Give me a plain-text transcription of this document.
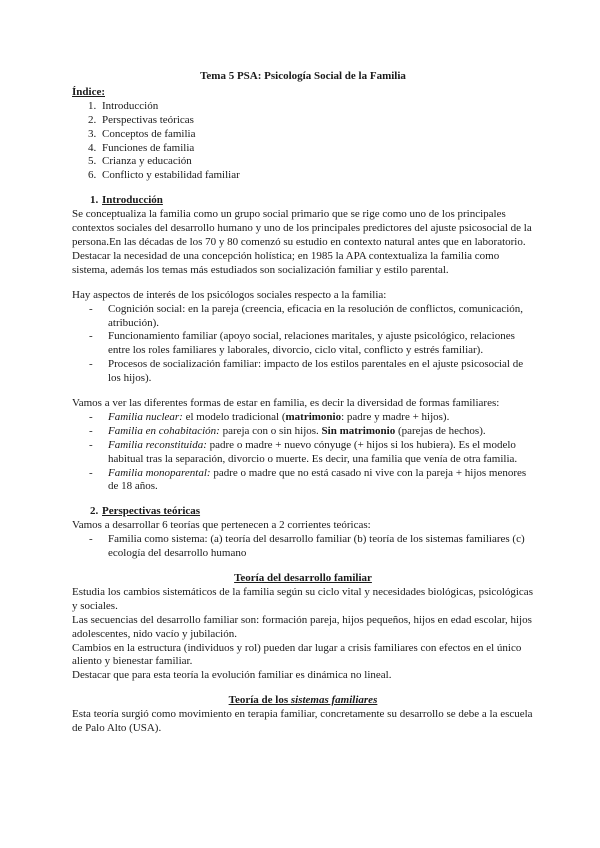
Tema 5 PSA: Psicología Social de la Familia
Índice:
1. Introducción
2. Perspectivas teóricas
3. Conceptos de familia
4. Funciones de familia
5. Crianza y educación
6. Conflicto y estabilidad familiar
1. Introducción

Se conceptualiza la familia como un grupo social primario que se rige como uno de los principales contextos sociales del desarrollo humano y uno de los principales predictores del ajuste psicosocial de la persona.En las décadas de los 70 y 80 comenzó su estudio en contexto natural antes que en laboratorio.

Destacar la necesidad de una concepción holística; en 1985 la APA contextualiza la familia como sistema, además los temas más estudiados son socialización familiar y estilo parental.

Hay aspectos de interés de los psicólogos sociales respecto a la familia:

- Cognición social: en la pareja (creencia, eficacia en la resolución de conflictos, comunicación, atribución).
- Funcionamiento familiar (apoyo social, relaciones maritales, y ajuste psicológico, relaciones entre los roles familiares y laborales, divorcio, ciclo vital, conflicto y estrés familiar).
- Procesos de socialización familiar: impacto de los estilos parentales en el ajuste psicosocial de los hijos).

Vamos a ver las diferentes formas de estar en familia, es decir la diversidad de formas familiares:

- Familia nuclear: el modelo tradicional (matrimonio: padre y madre + hijos).
- Familia en cohabitación: pareja con o sin hijos. Sin matrimonio (parejas de hechos).
- Familia reconstituida: padre o madre + nuevo cónyuge (+ hijos si los hubiera). Es el modelo habitual tras la separación, divorcio o muerte. Es decir, una familia que venía de otra familia.
- Familia monoparental: padre o madre que no está casado ni vive con la pareja + hijos menores de 18 años.
2. Perspectivas teóricas

Vamos a desarrollar 6 teorías que pertenecen a 2 corrientes teóricas:

- Familia como sistema: (a) teoría del desarrollo familiar (b) teoría de los sistemas familiares (c) ecología del desarrollo humano
Teoría del desarrollo familiar

Estudia los cambios sistemáticos de la familia según su ciclo vital y necesidades biológicas, psicológicas y sociales.

Las secuencias del desarrollo familiar son: formación pareja, hijos pequeños, hijos en edad escolar, hijos adolescentes, nido vacío y jubilación.

Cambios en la estructura (individuos y rol) pueden dar lugar a crisis familiares con efectos en el único aliento y bienestar familiar.

Destacar que para esta teoría la evolución familiar es dinámica no lineal.

Teoría de los sistemas familiares

Esta teoría surgió como movimiento en terapia familiar, concretamente su desarrollo se debe a la escuela de Palo Alto (USA).
